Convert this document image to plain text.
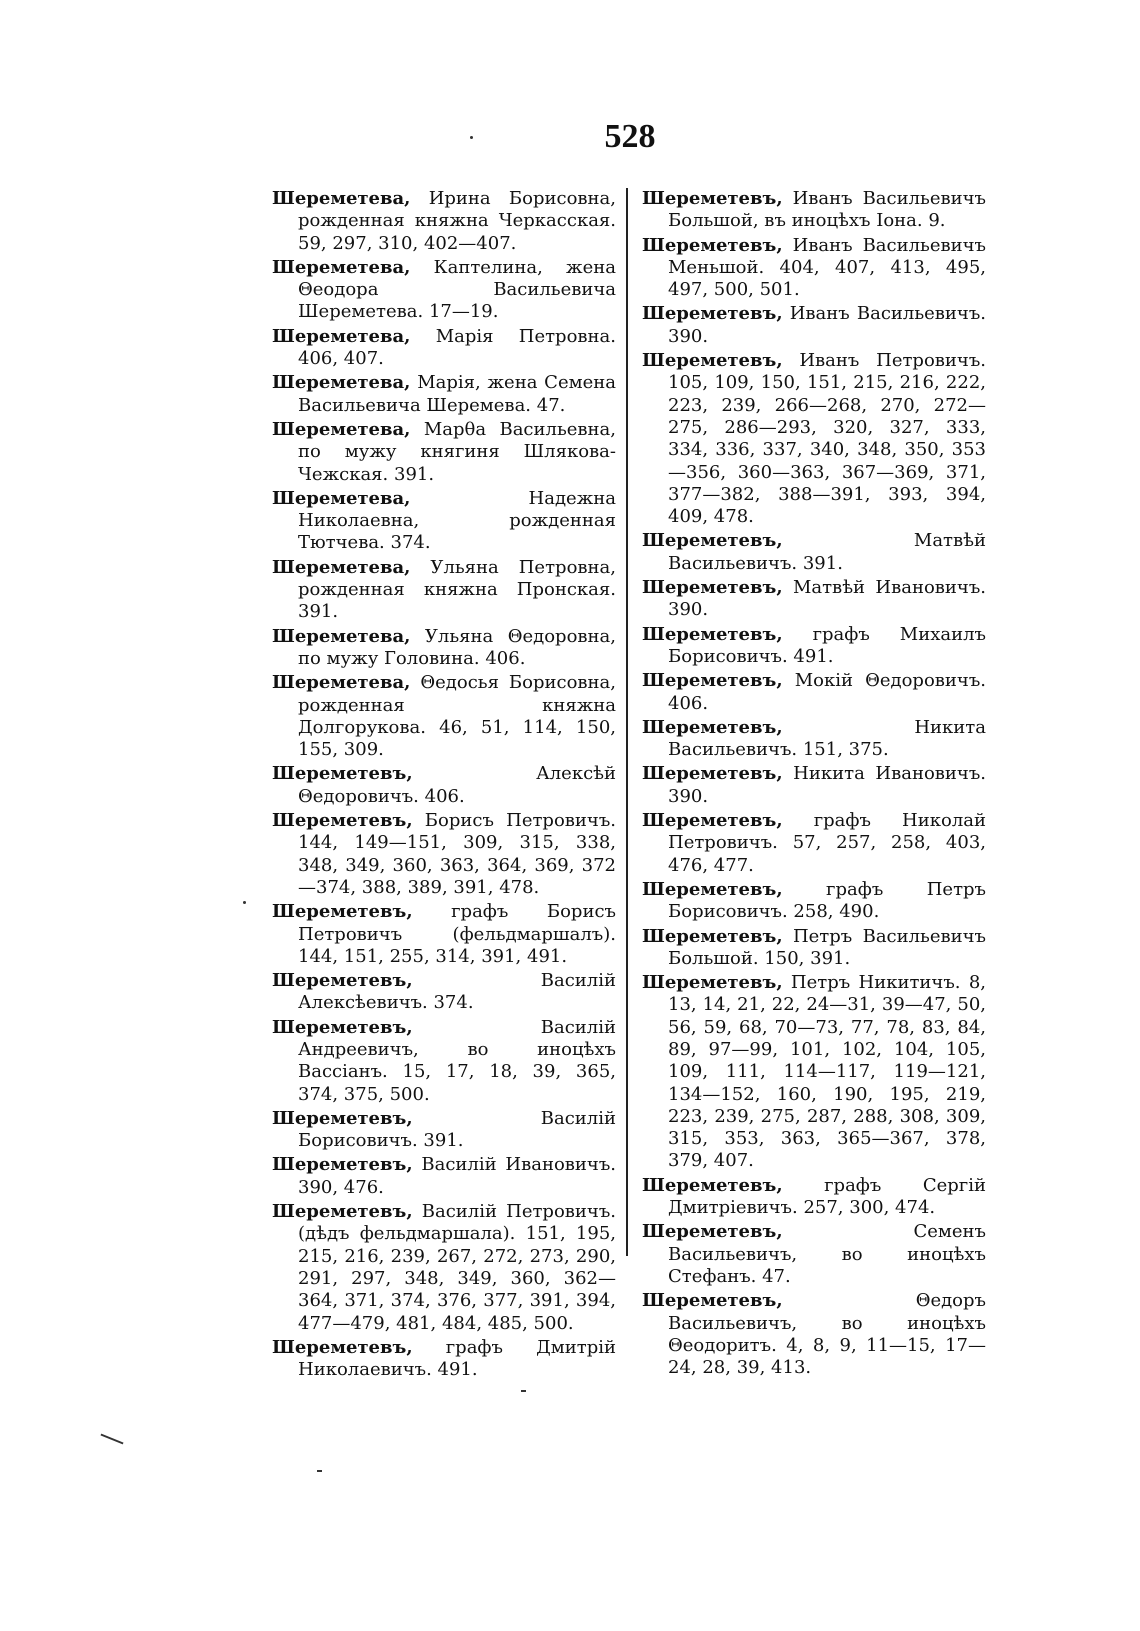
528

Шереметева, Ирина Борисовна, рожденная княжна Черкасская. 59, 297, 310, 402—407.

Шереметева, Каптелина, жена Θеодора Васильевича Шереметева. 17—19.

Шереметева, Марія Петровна. 406, 407.

Шереметева, Марія, жена Семена Васильевича Шеремева. 47.

Шереметева, Марθа Васильевна, по мужу княгиня Шлякова-Чежская. 391.

Шереметева, Надежна Николаевна, рожденная Тютчева. 374.

Шереметева, Ульяна Петровна, рожденная княжна Пронская. 391.

Шереметева, Ульяна Θедоровна, по мужу Головина. 406.

Шереметева, Θедосья Борисовна, рожденная княжна Долгорукова. 46, 51, 114, 150, 155, 309.

Шереметевъ, Алексѣй Θедоровичъ. 406.

Шереметевъ, Борисъ Петровичъ. 144, 149—151, 309, 315, 338, 348, 349, 360, 363, 364, 369, 372—374, 388, 389, 391, 478.

Шереметевъ, графъ Борисъ Петровичъ (фельдмаршалъ). 144, 151, 255, 314, 391, 491.

Шереметевъ, Василій Алексѣевичъ. 374.

Шереметевъ, Василій Андреевичъ, во иноцѣхъ Вассіанъ. 15, 17, 18, 39, 365, 374, 375, 500.

Шереметевъ, Василій Борисовичъ. 391.

Шереметевъ, Василій Ивановичъ. 390, 476.

Шереметевъ, Василій Петровичъ. (дѣдъ фельдмаршала). 151, 195, 215, 216, 239, 267, 272, 273, 290, 291, 297, 348, 349, 360, 362—364, 371, 374, 376, 377, 391, 394, 477—479, 481, 484, 485, 500.

Шереметевъ, графъ Дмитрій Николаевичъ. 491.

Шереметевъ, Иванъ Васильевичъ Большой, въ иноцѣхъ Іона. 9.

Шереметевъ, Иванъ Васильевичъ Меньшой. 404, 407, 413, 495, 497, 500, 501.

Шереметевъ, Иванъ Васильевичъ. 390.

Шереметевъ, Иванъ Петровичъ. 105, 109, 150, 151, 215, 216, 222, 223, 239, 266—268, 270, 272—275, 286—293, 320, 327, 333, 334, 336, 337, 340, 348, 350, 353—356, 360—363, 367—369, 371, 377—382, 388—391, 393, 394, 409, 478.

Шереметевъ, Матвѣй Васильевичъ. 391.

Шереметевъ, Матвѣй Ивановичъ. 390.

Шереметевъ, графъ Михаилъ Борисовичъ. 491.

Шереметевъ, Мокій Θедоровичъ. 406.

Шереметевъ, Никита Васильевичъ. 151, 375.

Шереметевъ, Никита Ивановичъ. 390.

Шереметевъ, графъ Николай Петровичъ. 57, 257, 258, 403, 476, 477.

Шереметевъ, графъ Петръ Борисовичъ. 258, 490.

Шереметевъ, Петръ Васильевичъ Большой. 150, 391.

Шереметевъ, Петръ Никитичъ. 8, 13, 14, 21, 22, 24—31, 39—47, 50, 56, 59, 68, 70—73, 77, 78, 83, 84, 89, 97—99, 101, 102, 104, 105, 109, 111, 114—117, 119—121, 134—152, 160, 190, 195, 219, 223, 239, 275, 287, 288, 308, 309, 315, 353, 363, 365—367, 378, 379, 407.

Шереметевъ, графъ Сергій Дмитріевичъ. 257, 300, 474.

Шереметевъ, Семенъ Васильевичъ, во иноцѣхъ Стефанъ. 47.

Шереметевъ, Θедоръ Васильевичъ, во иноцѣхъ Θеодоритъ. 4, 8, 9, 11—15, 17—24, 28, 39, 413.
